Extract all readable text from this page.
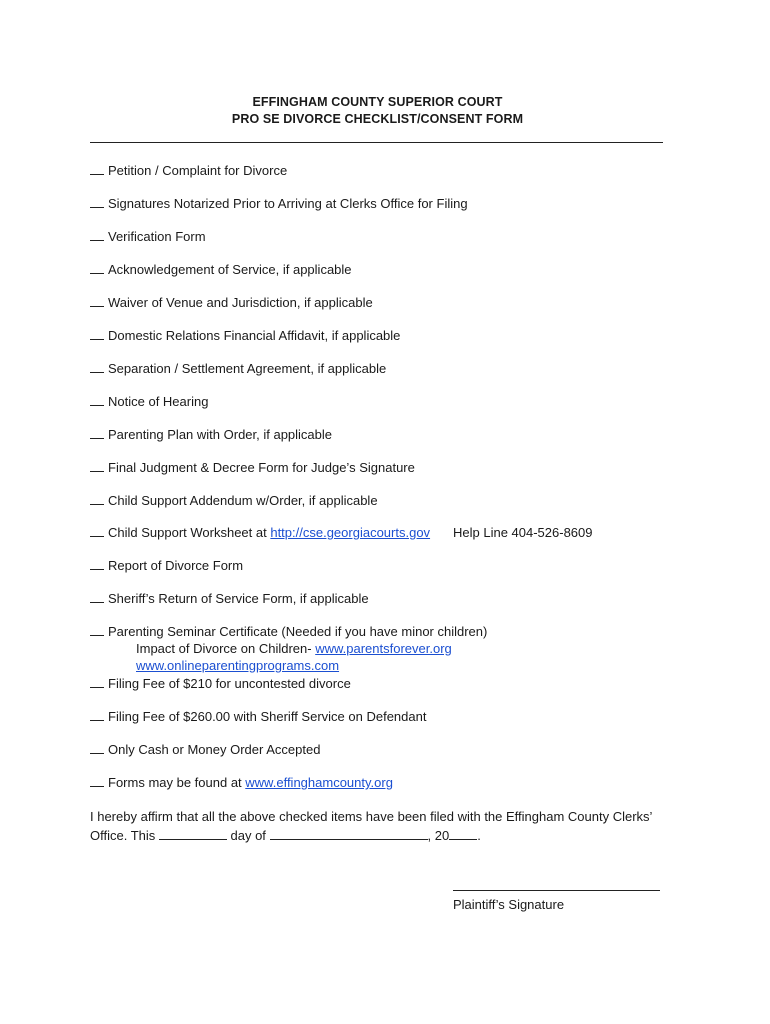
EFFINGHAM COUNTY SUPERIOR COURT
PRO SE DIVORCE CHECKLIST/CONSENT FORM
Petition / Complaint for Divorce
Signatures Notarized Prior to Arriving at Clerks Office for Filing
Verification Form
Acknowledgement of Service, if applicable
Waiver of Venue and Jurisdiction, if applicable
Domestic Relations Financial Affidavit, if applicable
Separation / Settlement Agreement, if applicable
Notice of Hearing
Parenting Plan with Order, if applicable
Final Judgment & Decree Form for Judge’s Signature
Child Support Addendum w/Order, if applicable
Child Support Worksheet at http://cse.georgiacourts.gov Help Line 404-526-8609
Report of Divorce Form
Sheriff’s Return of Service Form, if applicable
Parenting Seminar Certificate (Needed if you have minor children)
Impact of Divorce on Children- www.parentsforever.org
www.onlineparentingprograms.com
Filing Fee of $210 for uncontested divorce
Filing Fee of $260.00 with Sheriff Service on Defendant
Only Cash or Money Order Accepted
Forms may be found at www.effinghamcounty.org
I hereby affirm that all the above checked items have been filed with the Effingham County Clerks’
Office. This	day of	, 20 .
Plaintiff’s Signature
